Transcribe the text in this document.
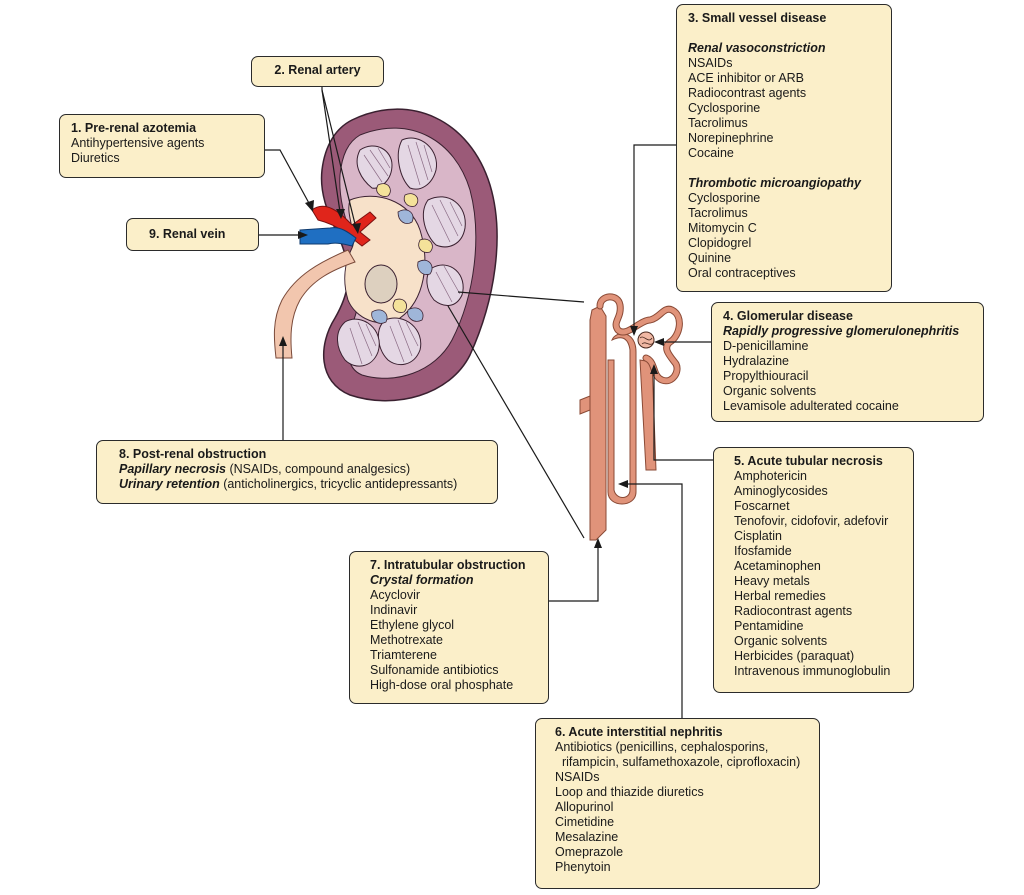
1. Pre-renal azotemia
Antihypertensive agents
Diuretics
2. Renal artery
9. Renal vein
3. Small vessel disease
Renal vasoconstriction
NSAIDs
ACE inhibitor or ARB
Radiocontrast agents
Cyclosporine
Tacrolimus
Norepinephrine
Cocaine
Thrombotic microangiopathy
Cyclosporine
Tacrolimus
Mitomycin C
Clopidogrel
Quinine
Oral contraceptives
4. Glomerular disease
Rapidly progressive glomerulonephritis
D-penicillamine
Hydralazine
Propylthiouracil
Organic solvents
Levamisole adulterated cocaine
5. Acute tubular necrosis
Amphotericin
Aminoglycosides
Foscarnet
Tenofovir, cidofovir, adefovir
Cisplatin
Ifosfamide
Acetaminophen
Heavy metals
Herbal remedies
Radiocontrast agents
Pentamidine
Organic solvents
Herbicides (paraquat)
Intravenous immunoglobulin
6. Acute interstitial nephritis
Antibiotics (penicillins, cephalosporins,
rifampicin, sulfamethoxazole, ciprofloxacin)
NSAIDs
Loop and thiazide diuretics
Allopurinol
Cimetidine
Mesalazine
Omeprazole
Phenytoin
7. Intratubular obstruction
Crystal formation
Acyclovir
Indinavir
Ethylene glycol
Methotrexate
Triamterene
Sulfonamide antibiotics
High-dose oral phosphate
8. Post-renal obstruction
Papillary necrosis (NSAIDs, compound analgesics)
Urinary retention (anticholinergics, tricyclic antidepressants)
